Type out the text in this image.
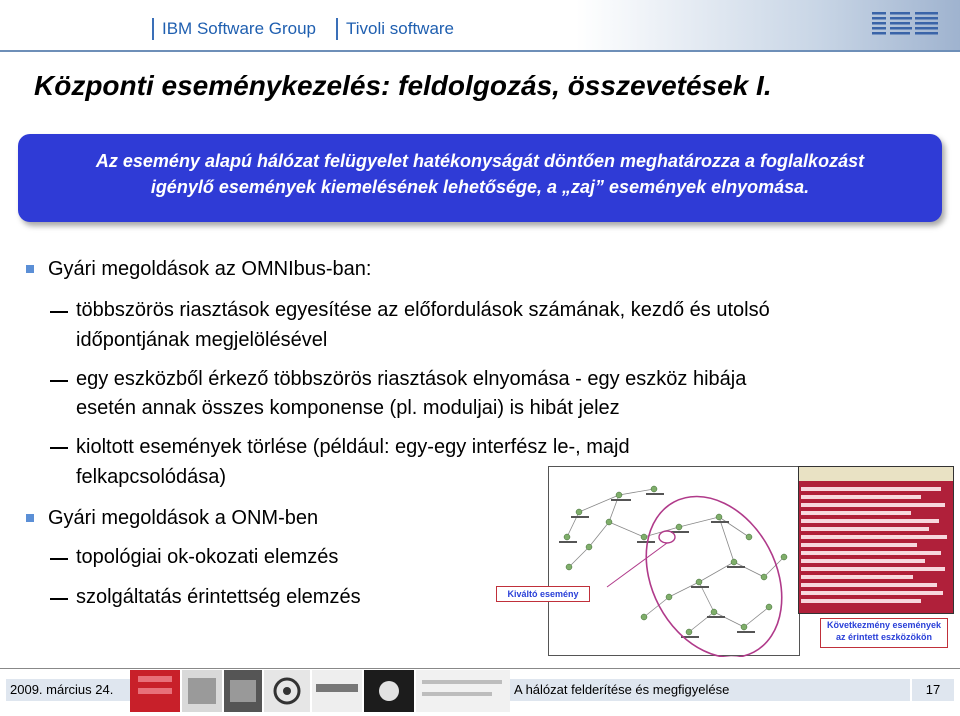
IBM Software Group Tivoli software
IBM
Központi eseménykezelés: feldolgozás, összevetések I.
Az esemény alapú hálózat felügyelet hatékonyságát döntően meghatározza a foglalkozást
igénylő események kiemelésének lehetősége, a „zaj” események elnyomása.
Gyári megoldások az OMNIbus-ban:
többszörös riasztások egyesítése az előfordulások számának, kezdő és utolsó
időpontjának megjelölésével
egy eszközből érkező többszörös riasztások elnyomása - egy eszköz hibája
esetén annak összes komponense (pl. moduljai) is hibát jelez
kioltott események törlése (például: egy-egy interfész le-, majd
felkapcsolódása)
Gyári megoldások a ONM-ben
topológiai ok-okozati elemzés
szolgáltatás érintettség elemzés	Kiváltó esemény
Következmény események
az érintett eszközökön
2009. március 24.	A hálózat felderítése és megfigyelése	17
